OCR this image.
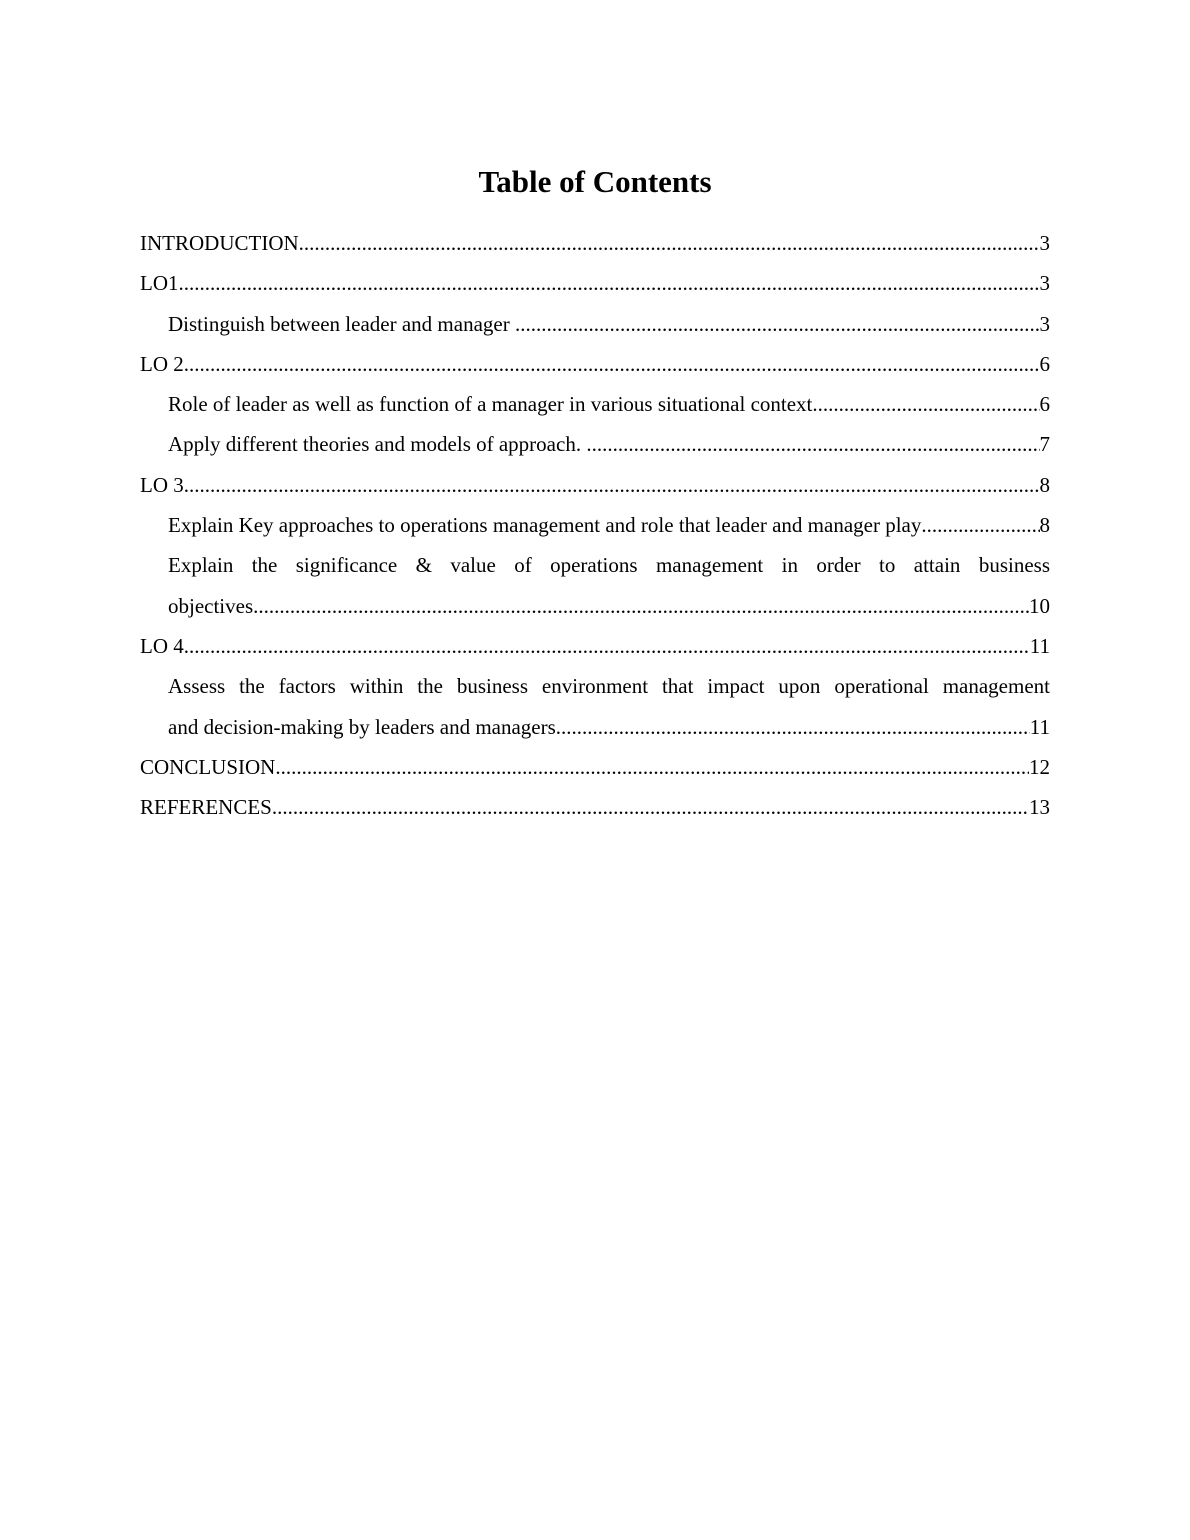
Table of Contents
INTRODUCTION .....	3
LO1 .....	3
Distinguish between leader and manager .....	3
LO 2 .....	6
Role of leader as well as function of a manager in various situational context .....	6
Apply different theories and models of approach. .....	7
LO 3 .....	8
Explain Key approaches to operations management and role that leader and manager play .....	8
Explain the significance & value of operations management in order to attain business
objectives .....	10
LO 4 .....	11
Assess the factors within the business environment that impact upon operational management
and decision-making by leaders and managers .....	11
CONCLUSION .....	12
REFERENCES .....	13
